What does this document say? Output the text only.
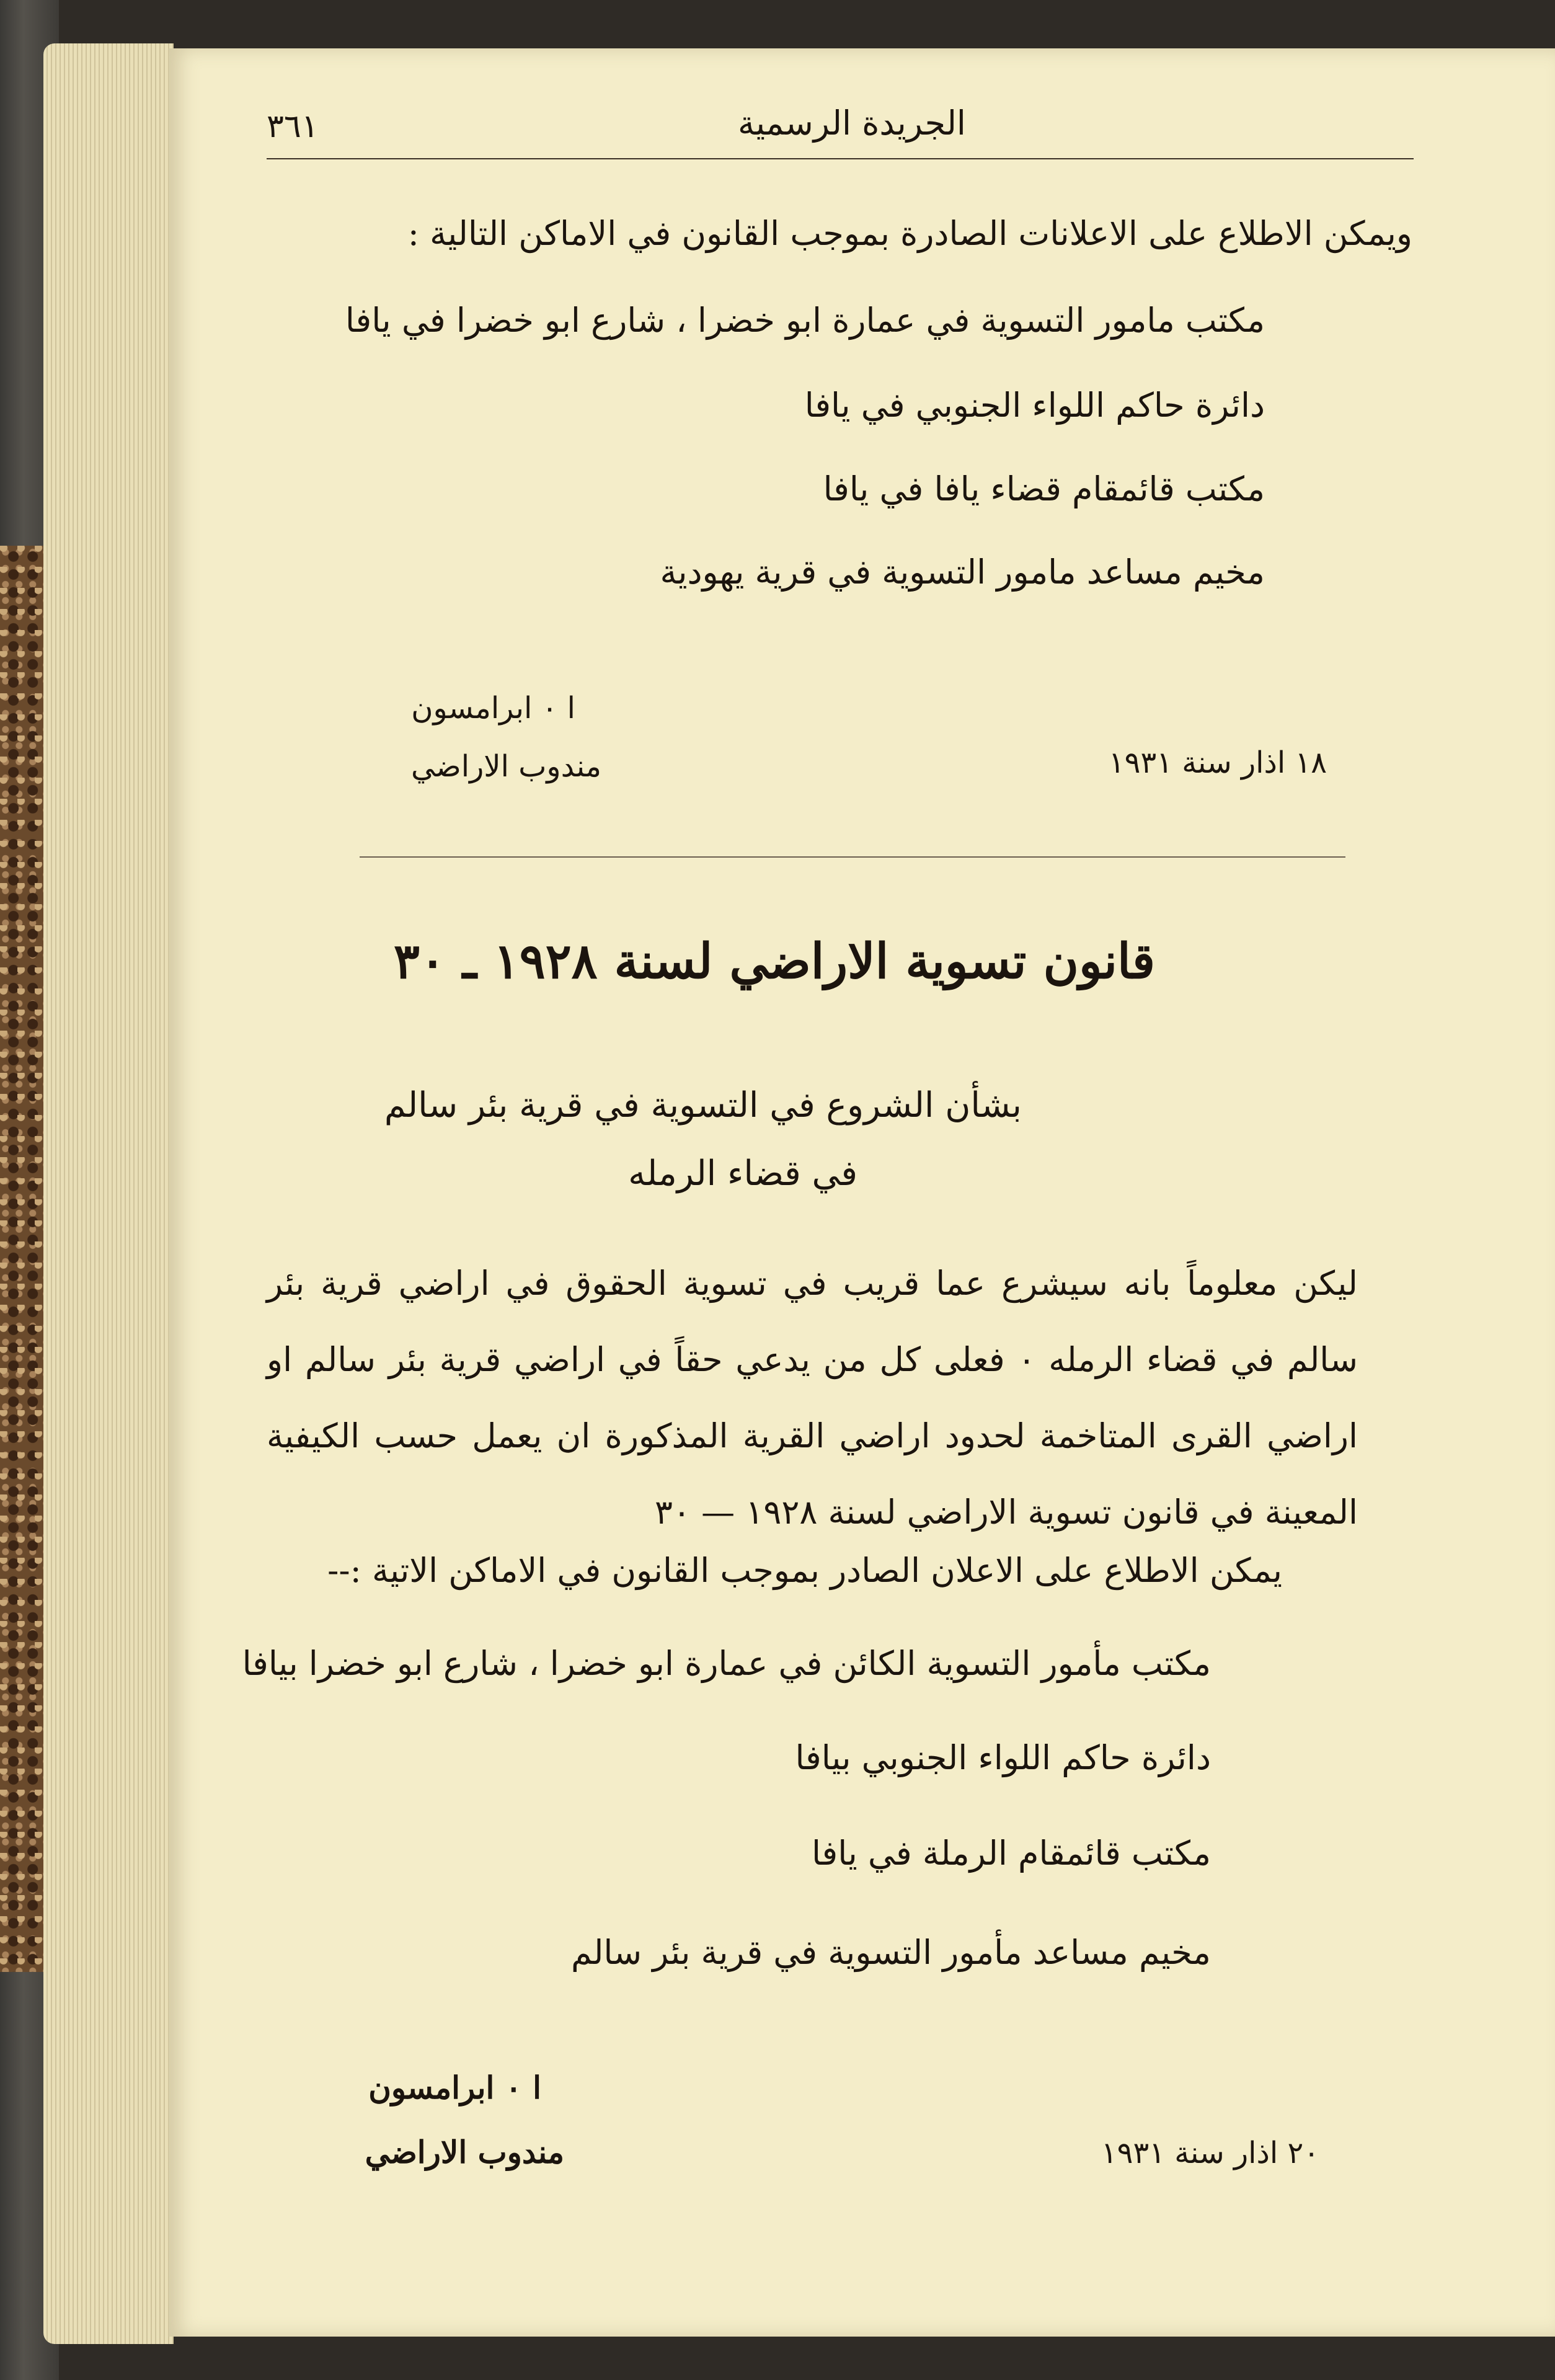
٣٦١	الجريدة الرسمية
ويمكن الاطلاع على الاعلانات الصادرة بموجب القانون في الاماكن التالية :
مكتب مامور التسوية في عمارة ابو خضرا ، شارع ابو خضرا في يافا
دائرة حاكم اللواء الجنوبي في يافا
مكتب قائمقام قضاء يافا في يافا
مخيم مساعد مامور التسوية في قرية يهودية
ا ٠ ابرامسون
مندوب الاراضي	١٨ اذار سنة ١٩٣١
قانون تسوية الاراضي لسنة ١٩٢٨ ـ ٣٠
بشأن الشروع في التسوية في قرية بئر سالم
في قضاء الرمله
ليكن معلوماً بانه سيشرع عما قريب في تسوية الحقوق في اراضي قرية بئر سالم في قضاء الرمله ٠ فعلى كل من يدعي حقاً في اراضي قرية بئر سالم او اراضي القرى المتاخمة لحدود اراضي القرية المذكورة ان يعمل حسب الكيفية المعينة في قانون تسوية الاراضي لسنة ١٩٢٨ — ٣٠
يمكن الاطلاع على الاعلان الصادر بموجب القانون في الاماكن الاتية :--
مكتب مأمور التسوية الكائن في عمارة ابو خضرا ، شارع ابو خضرا بيافا
دائرة حاكم اللواء الجنوبي بيافا
مكتب قائمقام الرملة في يافا
مخيم مساعد مأمور التسوية في قرية بئر سالم
ا ٠ ابرامسون
مندوب الاراضي	٢٠ اذار سنة ١٩٣١
